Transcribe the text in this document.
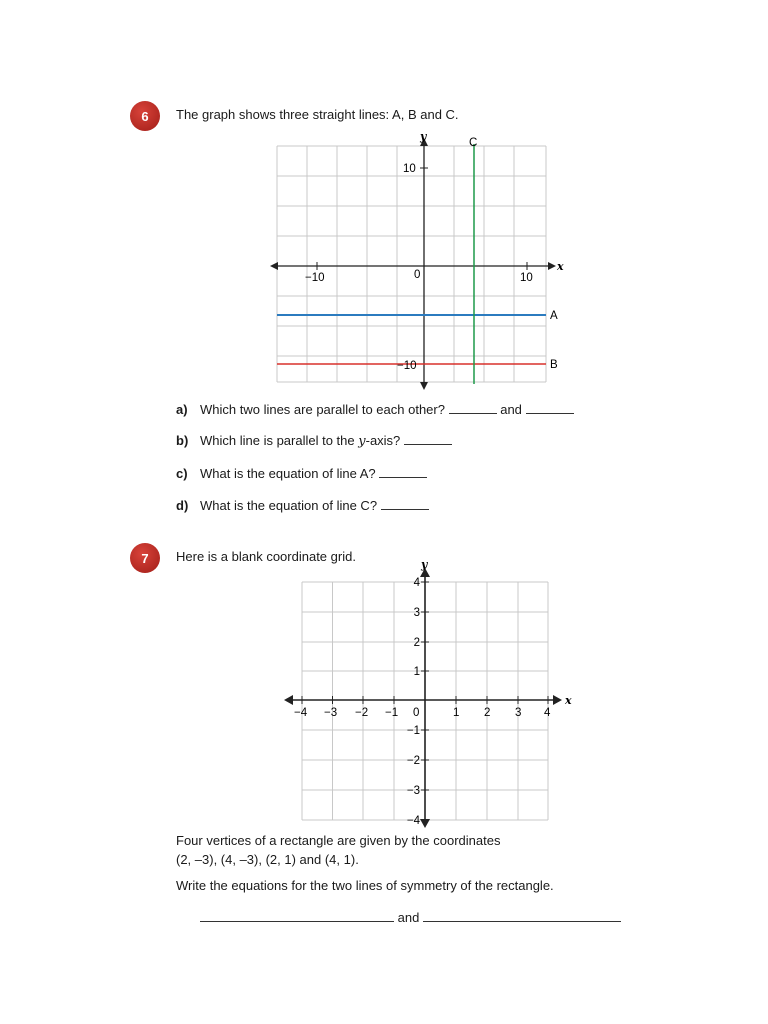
6	The graph shows three straight lines: A, B and C.
−10	0	10
10
−10
x
y
A
B
C
a) Which two lines are parallel to each other?	and
b) Which line is parallel to the y-axis?
c) What is the equation of line A?
d) What is the equation of line C?
7	Here is a blank coordinate grid.
x
y
−4 −3 −2 −1 0	1 2 3 4
4
3
2
1
−1
−2
−3
−4
Four vertices of a rectangle are given by the coordinates
(2, –3), (4, –3), (2, 1) and (4, 1).
Write the equations for the two lines of symmetry of the rectangle.
and
